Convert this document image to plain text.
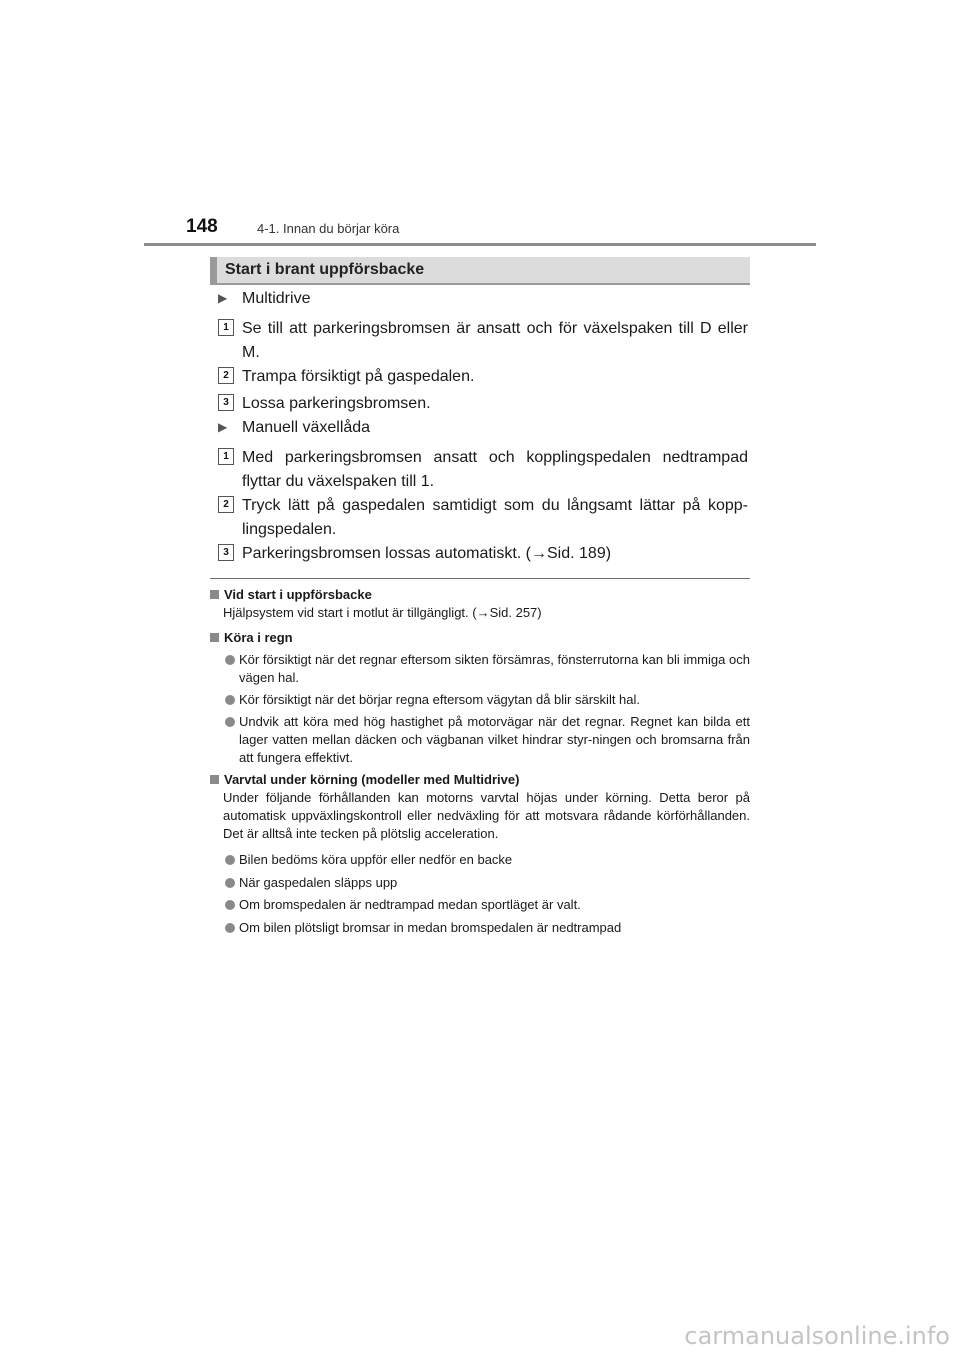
148	4-1. Innan du börjar köra
Start i brant uppförsbacke
▶ Multidrive
1 Se till att parkeringsbromsen är ansatt och för växelspaken till D eller M.
2 Trampa försiktigt på gaspedalen.
3 Lossa parkeringsbromsen.
▶ Manuell växellåda
1 Med parkeringsbromsen ansatt och kopplingspedalen nedtrampad flyttar du växelspaken till 1.
2 Tryck lätt på gaspedalen samtidigt som du långsamt lättar på kopp-lingspedalen.
3 Parkeringsbromsen lossas automatiskt. (→Sid. 189)
Vid start i uppförsbacke
Hjälpsystem vid start i motlut är tillgängligt. (→Sid. 257)
Köra i regn
Kör försiktigt när det regnar eftersom sikten försämras, fönsterrutorna kan bli immiga och vägen hal.
Kör försiktigt när det börjar regna eftersom vägytan då blir särskilt hal.
Undvik att köra med hög hastighet på motorvägar när det regnar. Regnet kan bilda ett lager vatten mellan däcken och vägbanan vilket hindrar styr-ningen och bromsarna från att fungera effektivt.
Varvtal under körning (modeller med Multidrive)
Under följande förhållanden kan motorns varvtal höjas under körning. Detta beror på automatisk uppväxlingskontroll eller nedväxling för att motsvara rådande körförhållanden. Det är alltså inte tecken på plötslig acceleration.
Bilen bedöms köra uppför eller nedför en backe
När gaspedalen släpps upp
Om bromspedalen är nedtrampad medan sportläget är valt.
Om bilen plötsligt bromsar in medan bromspedalen är nedtrampad
carmanualsonline.info
